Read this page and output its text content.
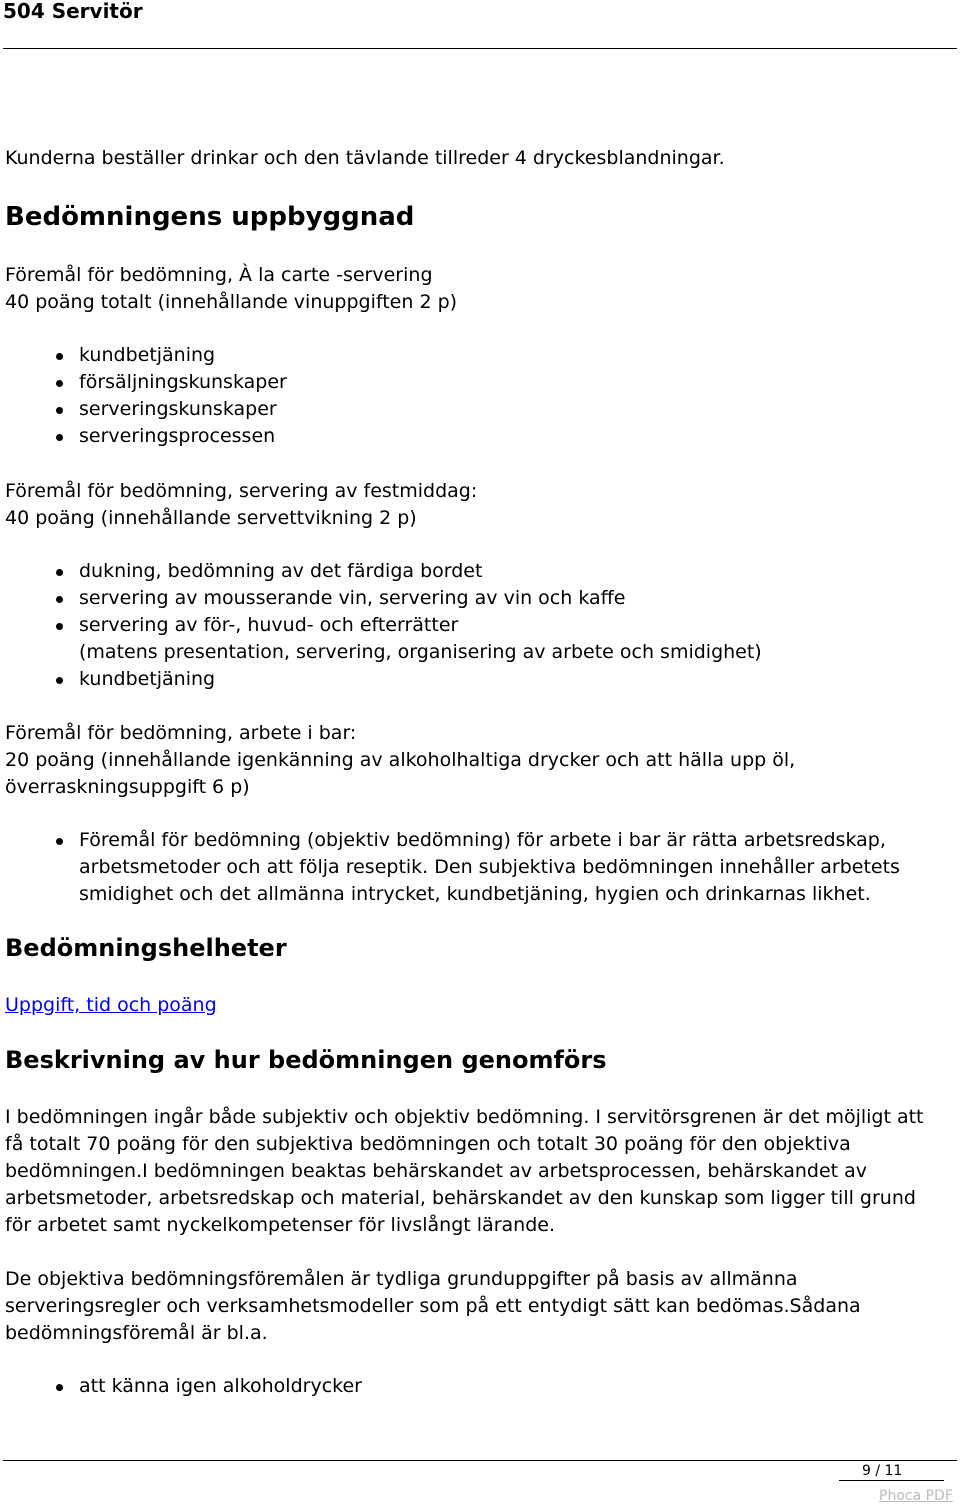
504 Servitör

Kunderna beställer drinkar och den tävlande tillreder 4 dryckesblandningar.

Bedömningens uppbyggnad

Föremål för bedömning, À la carte -servering

40 poäng totalt (innehållande vinuppgiften 2 p)

kundbetjäning
försäljningskunskaper
serveringskunskaper
serveringsprocessen

Föremål för bedömning, servering av festmiddag:

40 poäng (innehållande servettvikning 2 p)

dukning, bedömning av det färdiga bordet
servering av mousserande vin, servering av vin och kaffe
servering av för-, huvud- och efterrätter
(matens presentation, servering, organisering av arbete och smidighet)
kundbetjäning

Föremål för bedömning, arbete i bar:

20 poäng (innehållande igenkänning av alkoholhaltiga drycker och att hälla upp öl,

överraskningsuppgift 6 p)

Föremål för bedömning (objektiv bedömning) för arbete i bar är rätta arbetsredskap,
arbetsmetoder och att följa reseptik. Den subjektiva bedömningen innehåller arbetets
smidighet och det allmänna intrycket, kundbetjäning, hygien och drinkarnas likhet.
Bedömningshelheter

Uppgift, tid och poäng

Beskrivning av hur bedömningen genomförs

I bedömningen ingår både subjektiv och objektiv bedömning. I servitörsgrenen är det möjligt att

få totalt 70 poäng för den subjektiva bedömningen och totalt 30 poäng för den objektiva

bedömningen.I bedömningen beaktas behärskandet av arbetsprocessen, behärskandet av

arbetsmetoder, arbetsredskap och material, behärskandet av den kunskap som ligger till grund

för arbetet samt nyckelkompetenser för livslångt lärande.

De objektiva bedömningsföremålen är tydliga grunduppgifter på basis av allmänna

serveringsregler och verksamhetsmodeller som på ett entydigt sätt kan bedömas.Sådana

bedömningsföremål är bl.a.

att känna igen alkoholdrycker
9 / 11
Phoca PDF
